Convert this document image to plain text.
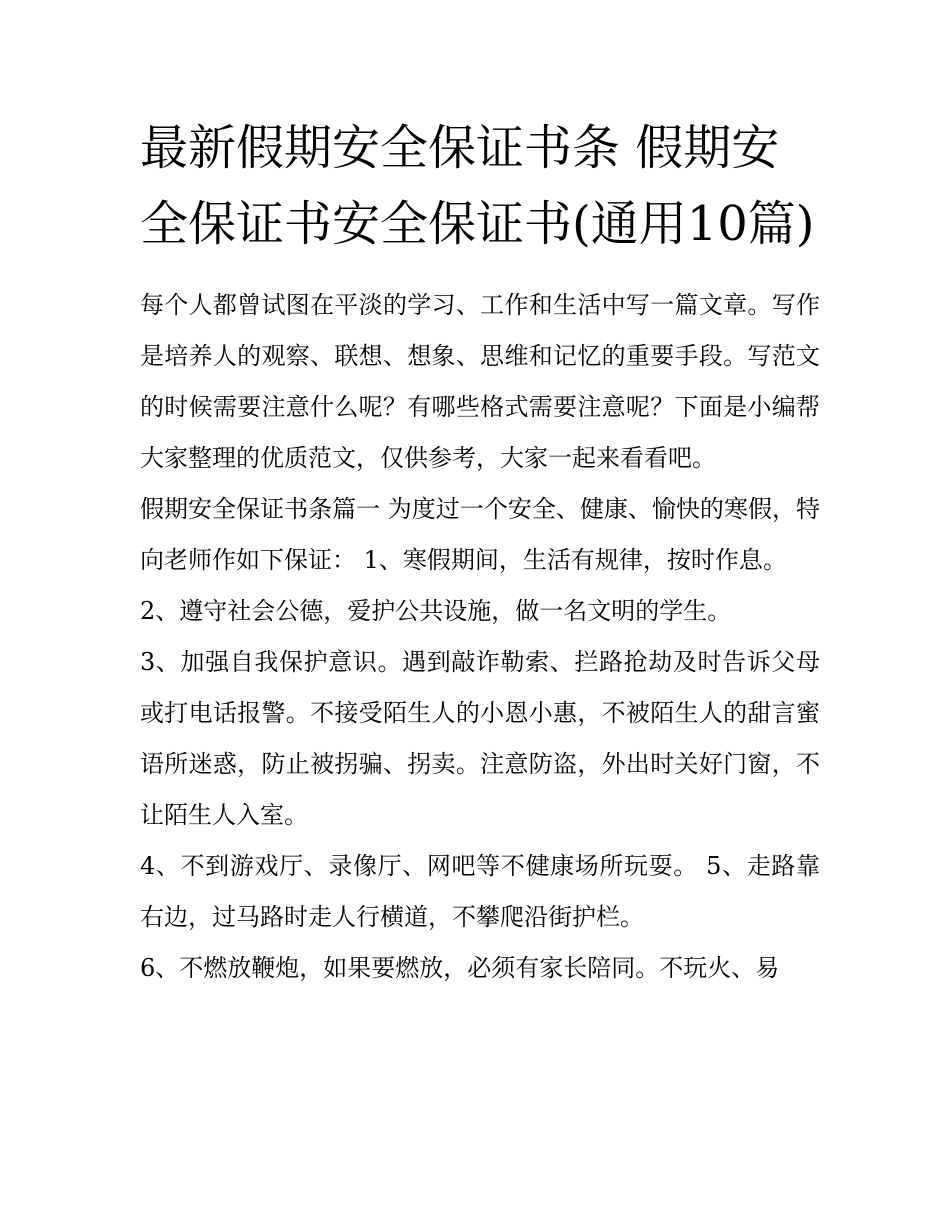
最新假期安全保证书条 假期安全保证书安全保证书(通用10篇)

每个人都曾试图在平淡的学习、工作和生活中写一篇文章。写作是培养人的观察、联想、想象、思维和记忆的重要手段。写范文的时候需要注意什么呢？有哪些格式需要注意呢？下面是小编帮大家整理的优质范文，仅供参考，大家一起来看看吧。

假期安全保证书条篇一 为度过一个安全、健康、愉快的寒假，特向老师作如下保证： 1、寒假期间，生活有规律，按时作息。

2、遵守社会公德，爱护公共设施，做一名文明的学生。

3、加强自我保护意识。遇到敲诈勒索、拦路抢劫及时告诉父母或打电话报警。不接受陌生人的小恩小惠，不被陌生人的甜言蜜语所迷惑，防止被拐骗、拐卖。注意防盗，外出时关好门窗，不让陌生人入室。

4、不到游戏厅、录像厅、网吧等不健康场所玩耍。 5、走路靠右边，过马路时走人行横道，不攀爬沿街护栏。

6、不燃放鞭炮，如果要燃放，必须有家长陪同。不玩火、易
